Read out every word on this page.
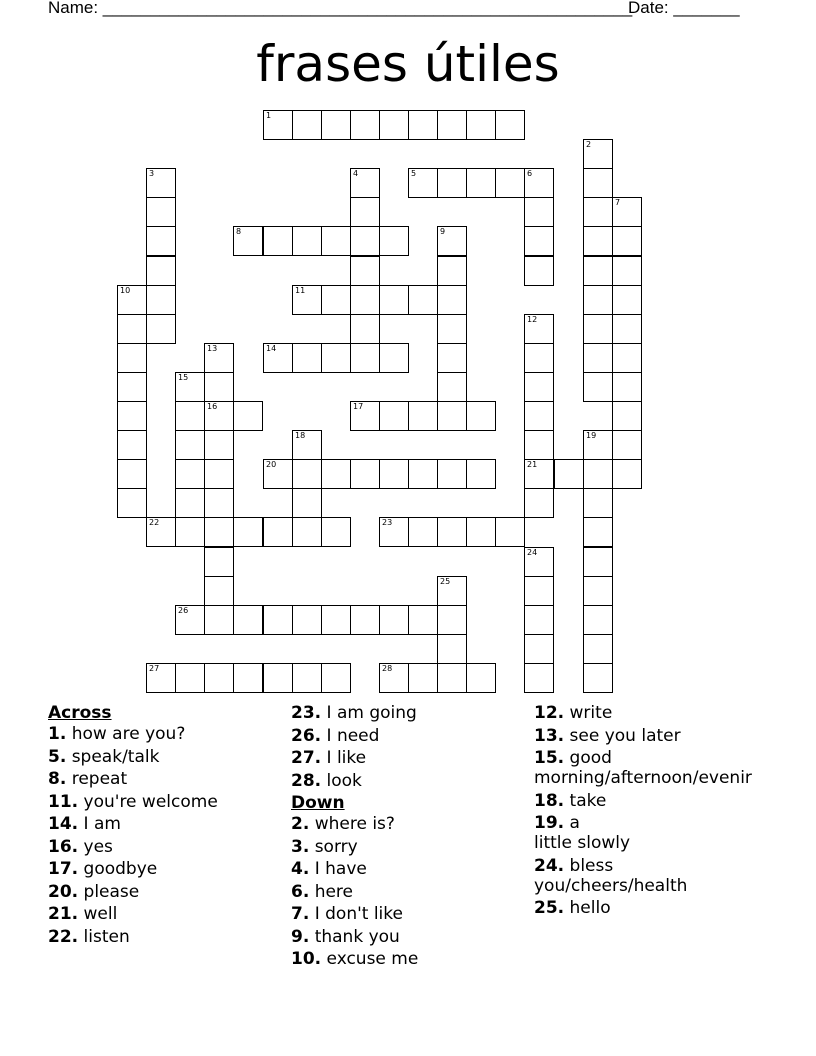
Name: ________________________________________________________
Date: _______
frases útiles
1
2
3	4	5	6
7
8	9
10	11
12
21
13
16
14
15
17
18	19
20
22	23
24
25
26
27	28
Across
1. how are you?
5. speak/talk
8. repeat
11. you're welcome
14. I am
16. yes
17. goodbye
20. please
21. well
22. listen
23. I am going
26. I need
27. I like
28. look
Down
2. where is?
3. sorry
4. I have
6. here
7. I don't like
9. thank you
10. excuse me
12. write
13. see you later
15. good
morning/afternoon/evenir
18. take
19. a
little slowly
24. bless
you/cheers/health
25. hello
